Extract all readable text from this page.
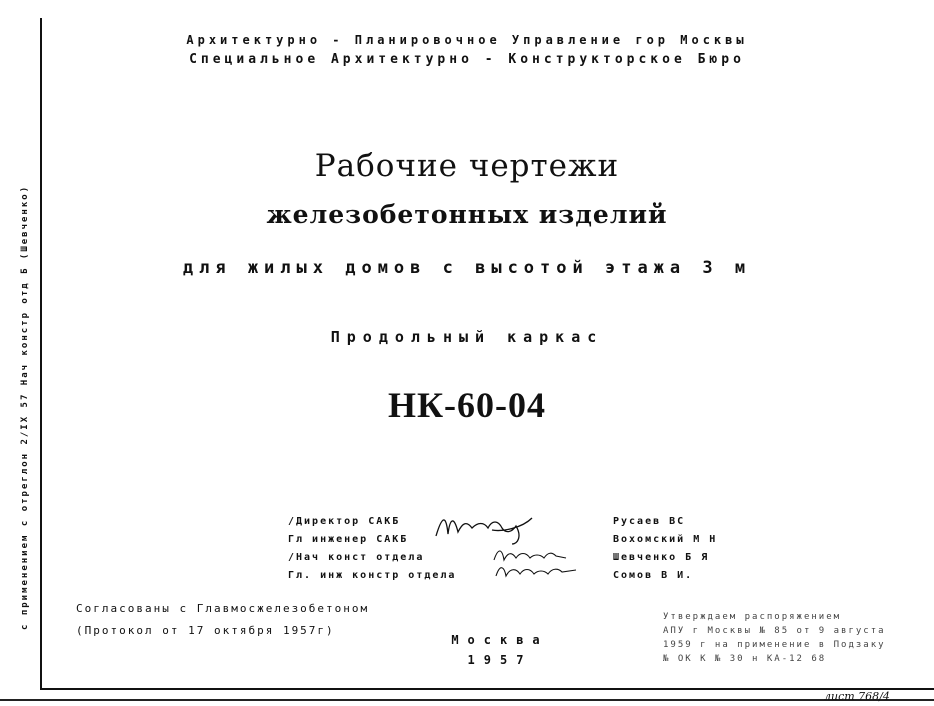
с применением с отреглон 2/IX 57 Нач констр отд Б (Шевченко)
Архитектурно - Планировочное Управление гор Москвы
Специальное Архитектурно - Конструкторское Бюро
Рабочие чертежи
железобетонных изделий
для жилых домов с высотой этажа 3 м
Продольный каркас
НК-60-04
/Директор САКБ
Гл инженер САКБ
/Нач конст отдела
Гл. инж констр отдела
Русаев ВС
Вохомский М Н
Шевченко Б Я
Сомов В И.
Согласованы с Главмосжелезобетоном
(Протокол от 17 октября 1957г)
Москва
1957
Утверждаем распоряжением
АПУ г Москвы № 85 от 9 августа
1959 г на применение в Подзаку
№ ОК К № 30 н КА-12 68
лист 768/4
